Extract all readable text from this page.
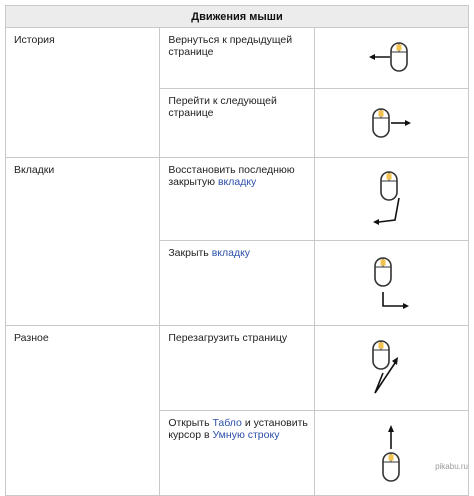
Движения мыши		
История	Вернуться к предыдущей странице	

	Перейти к следующей странице	

Вкладки	Восстановить последнюю закрытую вкладку	

	Закрыть вкладку	

Разное	Перезагрузить страницу	

	Открыть Табло и установить курсор в Умную строку	
pikabu.ru
